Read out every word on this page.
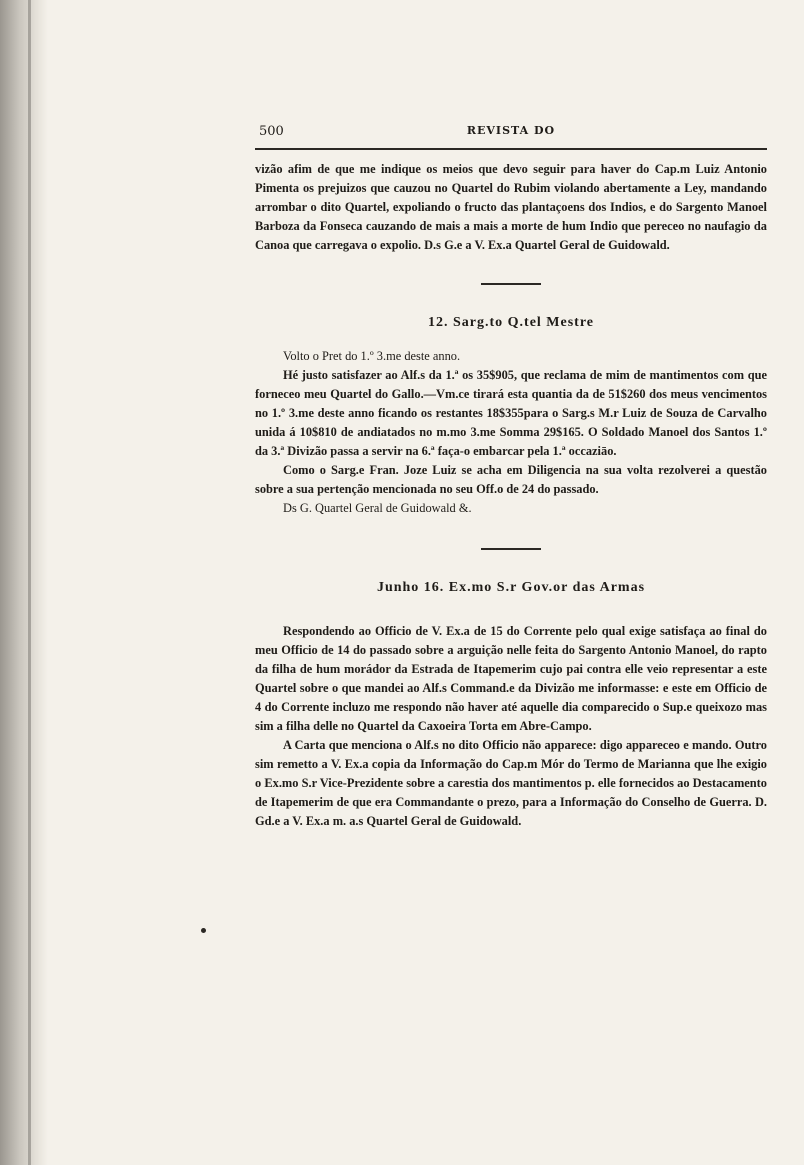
500	REVISTA DO

vizão afim de que me indique os meios que devo seguir para haver do Cap.m Luiz Antonio Pimenta os prejuizos que cauzou no Quartel do Rubim violando abertamente a Ley, mandando arrombar o dito Quartel, expoliando o fructo das plantaçoens dos Indios, e do Sargento Manoel Barboza da Fonseca cauzando de mais a mais a morte de hum Indio que pereceo no naufagio da Canoa que carregava o expolio. D.s G.e a V. Ex.a Quartel Geral de Guidowald.

12. Sarg.to Q.tel Mestre

Volto o Pret do 1.º 3.me deste anno.

Hé justo satisfazer ao Alf.s da 1.ª os 35$905, que reclama de mim de mantimentos com que forneceo meu Quartel do Gallo.—Vm.ce tirará esta quantia da de 51$260 dos meus vencimentos no 1.º 3.me deste anno ficando os restantes 18$355para o Sarg.s M.r Luiz de Souza de Carvalho unida á 10$810 de andiatados no m.mo 3.me Somma 29$165. O Soldado Manoel dos Santos 1.º da 3.ª Divizão passa a servir na 6.ª faça-o embarcar pela 1.ª occaziāo.

Como o Sarg.e Fran. Joze Luiz se acha em Diligencia na sua volta rezolverei a questão sobre a sua pertenção mencionada no seu Off.o de 24 do passado.

Ds G. Quartel Geral de Guidowald &.

Junho 16. Ex.mo S.r Gov.or das Armas

Respondendo ao Officio de V. Ex.a de 15 do Corrente pelo qual exige satisfaça ao final do meu Officio de 14 do passado sobre a arguição nelle feita do Sargento Antonio Manoel, do rapto da filha de hum morádor da Estrada de Itapemerim cujo pai contra elle veio representar a este Quartel sobre o que mandei ao Alf.s Command.e da Divizão me informasse: e este em Officio de 4 do Corrente incluzo me respondo não haver até aquelle dia comparecido o Sup.e queixozo mas sim a filha delle no Quartel da Caxoeira Torta em Abre-Campo.

A Carta que menciona o Alf.s no dito Officio não apparece: digo appareceo e mando. Outro sim remetto a V. Ex.a copia da Informação do Cap.m Mór do Termo de Marianna que lhe exigio o Ex.mo S.r Vice-Prezidente sobre a carestia dos mantimentos p. elle fornecidos ao Destacamento de Itapemerim de que era Commandante o prezo, para a Informação do Conselho de Guerra. D. Gd.e a V. Ex.a m. a.s Quartel Geral de Guidowald.
